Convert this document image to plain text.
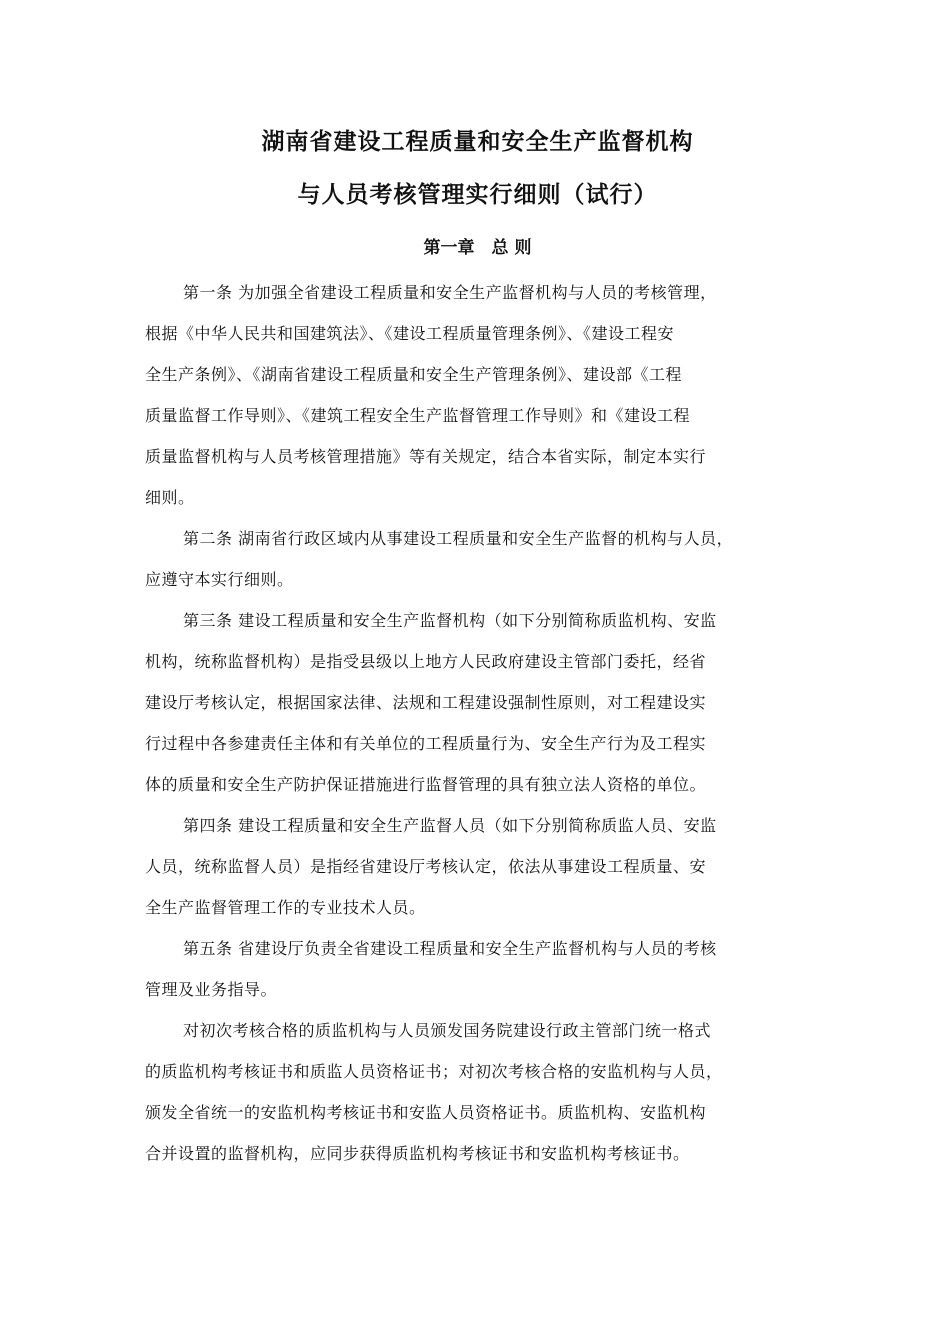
湖南省建设工程质量和安全生产监督机构
与人员考核管理实行细则（试行）
第一章　总 则
第一条 为加强全省建设工程质量和安全生产监督机构与人员的考核管理，
根据《中华人民共和国建筑法》、《建设工程质量管理条例》、《建设工程安
全生产条例》、《湖南省建设工程质量和安全生产管理条例》、建设部《工程
质量监督工作导则》、《建筑工程安全生产监督管理工作导则》和《建设工程
质量监督机构与人员考核管理措施》等有关规定，结合本省实际，制定本实行
细则。
第二条 湖南省行政区域内从事建设工程质量和安全生产监督的机构与人员，
应遵守本实行细则。
第三条 建设工程质量和安全生产监督机构（如下分别简称质监机构、安监
机构，统称监督机构）是指受县级以上地方人民政府建设主管部门委托，经省
建设厅考核认定，根据国家法律、法规和工程建设强制性原则，对工程建设实
行过程中各参建责任主体和有关单位的工程质量行为、安全生产行为及工程实
体的质量和安全生产防护保证措施进行监督管理的具有独立法人资格的单位。
第四条 建设工程质量和安全生产监督人员（如下分别简称质监人员、安监
人员，统称监督人员）是指经省建设厅考核认定，依法从事建设工程质量、安
全生产监督管理工作的专业技术人员。
第五条 省建设厅负责全省建设工程质量和安全生产监督机构与人员的考核
管理及业务指导。
对初次考核合格的质监机构与人员颁发国务院建设行政主管部门统一格式
的质监机构考核证书和质监人员资格证书；对初次考核合格的安监机构与人员，
颁发全省统一的安监机构考核证书和安监人员资格证书。质监机构、安监机构
合并设置的监督机构，应同步获得质监机构考核证书和安监机构考核证书。
